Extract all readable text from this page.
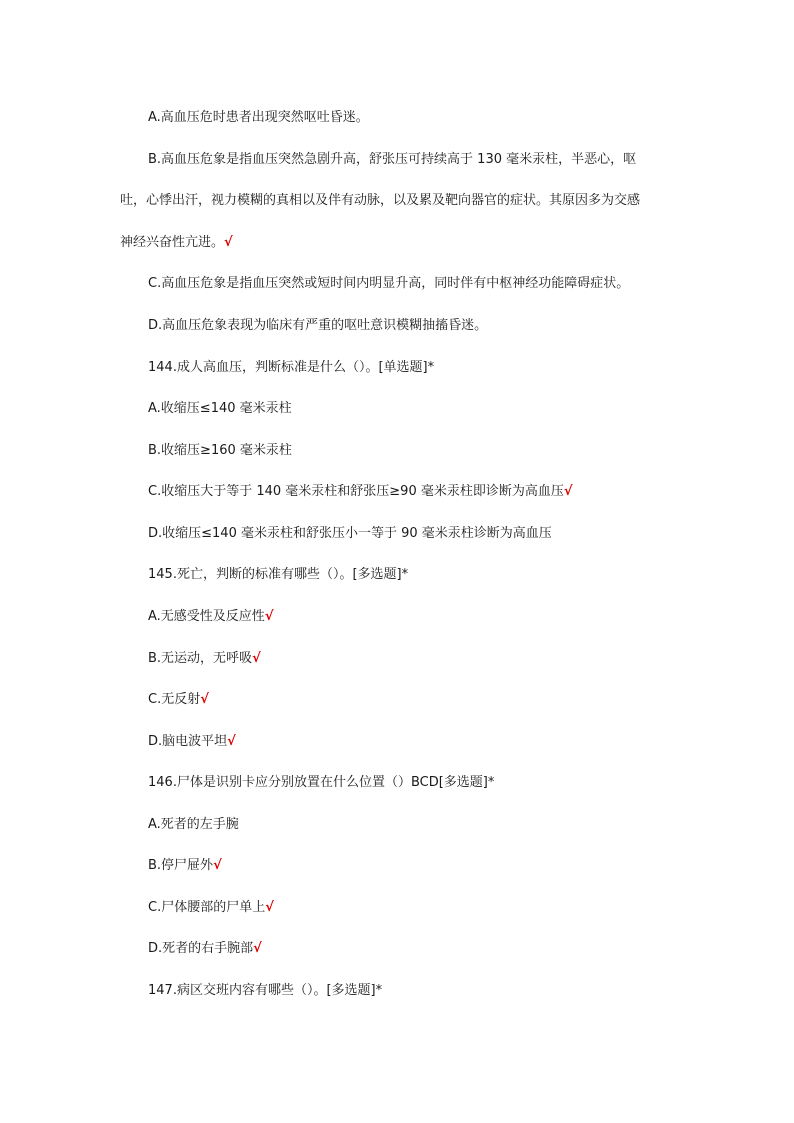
A.高血压危时患者出现突然呕吐昏迷。
B.高血压危象是指血压突然急剧升高，舒张压可持续高于 130 毫米汞柱，半恶心，呕
吐，心悸出汗，视力模糊的真相以及伴有动脉，以及累及靶向器官的症状。其原因多为交感
神经兴奋性亢进。√
C.高血压危象是指血压突然或短时间内明显升高，同时伴有中枢神经功能障碍症状。
D.高血压危象表现为临床有严重的呕吐意识模糊抽搐昏迷。
144.成人高血压，判断标准是什么（）。[单选题]*
A.收缩压≤140 毫米汞柱
B.收缩压≥160 毫米汞柱
C.收缩压大于等于 140 毫米汞柱和舒张压≥90 毫米汞柱即诊断为高血压√
D.收缩压≤140 毫米汞柱和舒张压小一等于 90 毫米汞柱诊断为高血压
145.死亡，判断的标准有哪些（）。[多选题]*
A.无感受性及反应性√
B.无运动，无呼吸√
C.无反射√
D.脑电波平坦√
146.尸体是识别卡应分别放置在什么位置（）BCD[多选题]*
A.死者的左手腕
B.停尸屉外√
C.尸体腰部的尸单上√
D.死者的右手腕部√
147.病区交班内容有哪些（）。[多选题]*
